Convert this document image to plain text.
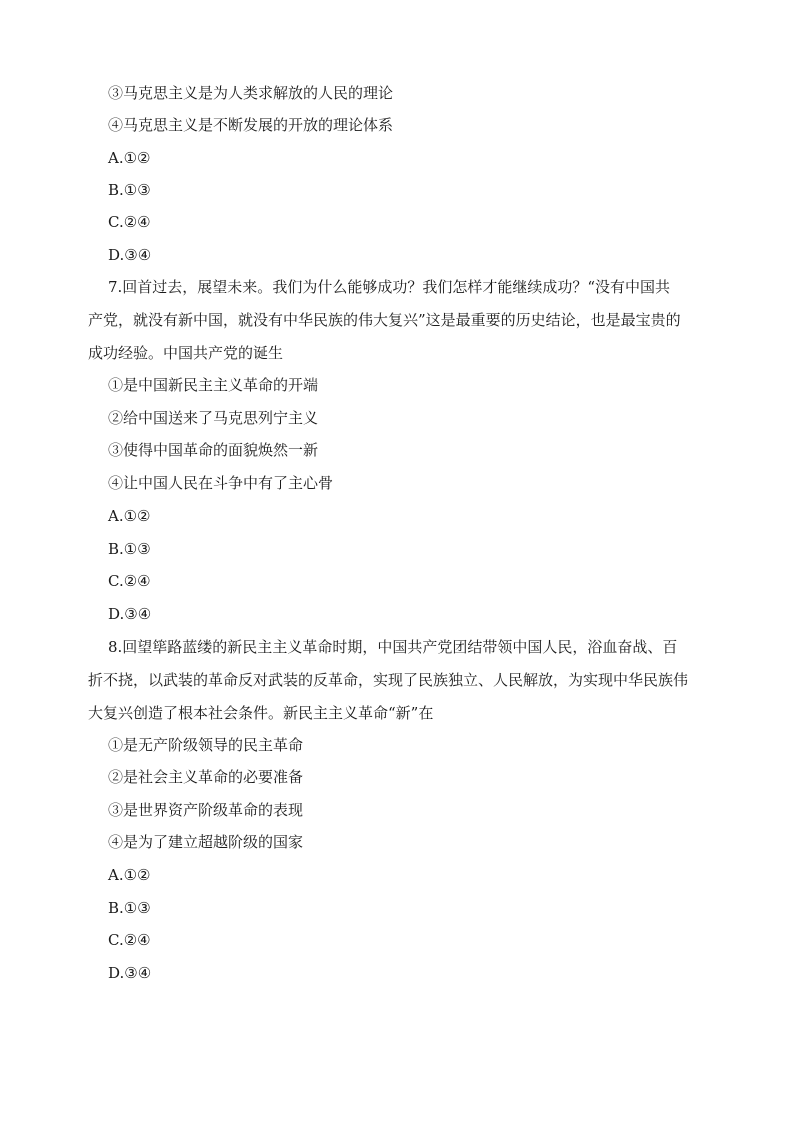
③马克思主义是为人类求解放的人民的理论
④马克思主义是不断发展的开放的理论体系
A.①②
B.①③
C.②④
D.③④
7.回首过去，展望未来。我们为什么能够成功？我们怎样才能继续成功？“没有中国共
产党，就没有新中国，就没有中华民族的伟大复兴”这是最重要的历史结论，也是最宝贵的
成功经验。中国共产党的诞生
①是中国新民主主义革命的开端
②给中国送来了马克思列宁主义
③使得中国革命的面貌焕然一新
④让中国人民在斗争中有了主心骨
A.①②
B.①③
C.②④
D.③④
8.回望筚路蓝缕的新民主主义革命时期，中国共产党团结带领中国人民，浴血奋战、百
折不挠，以武装的革命反对武装的反革命，实现了民族独立、人民解放，为实现中华民族伟
大复兴创造了根本社会条件。新民主主义革命“新”在
①是无产阶级领导的民主革命
②是社会主义革命的必要准备
③是世界资产阶级革命的表现
④是为了建立超越阶级的国家
A.①②
B.①③
C.②④
D.③④
